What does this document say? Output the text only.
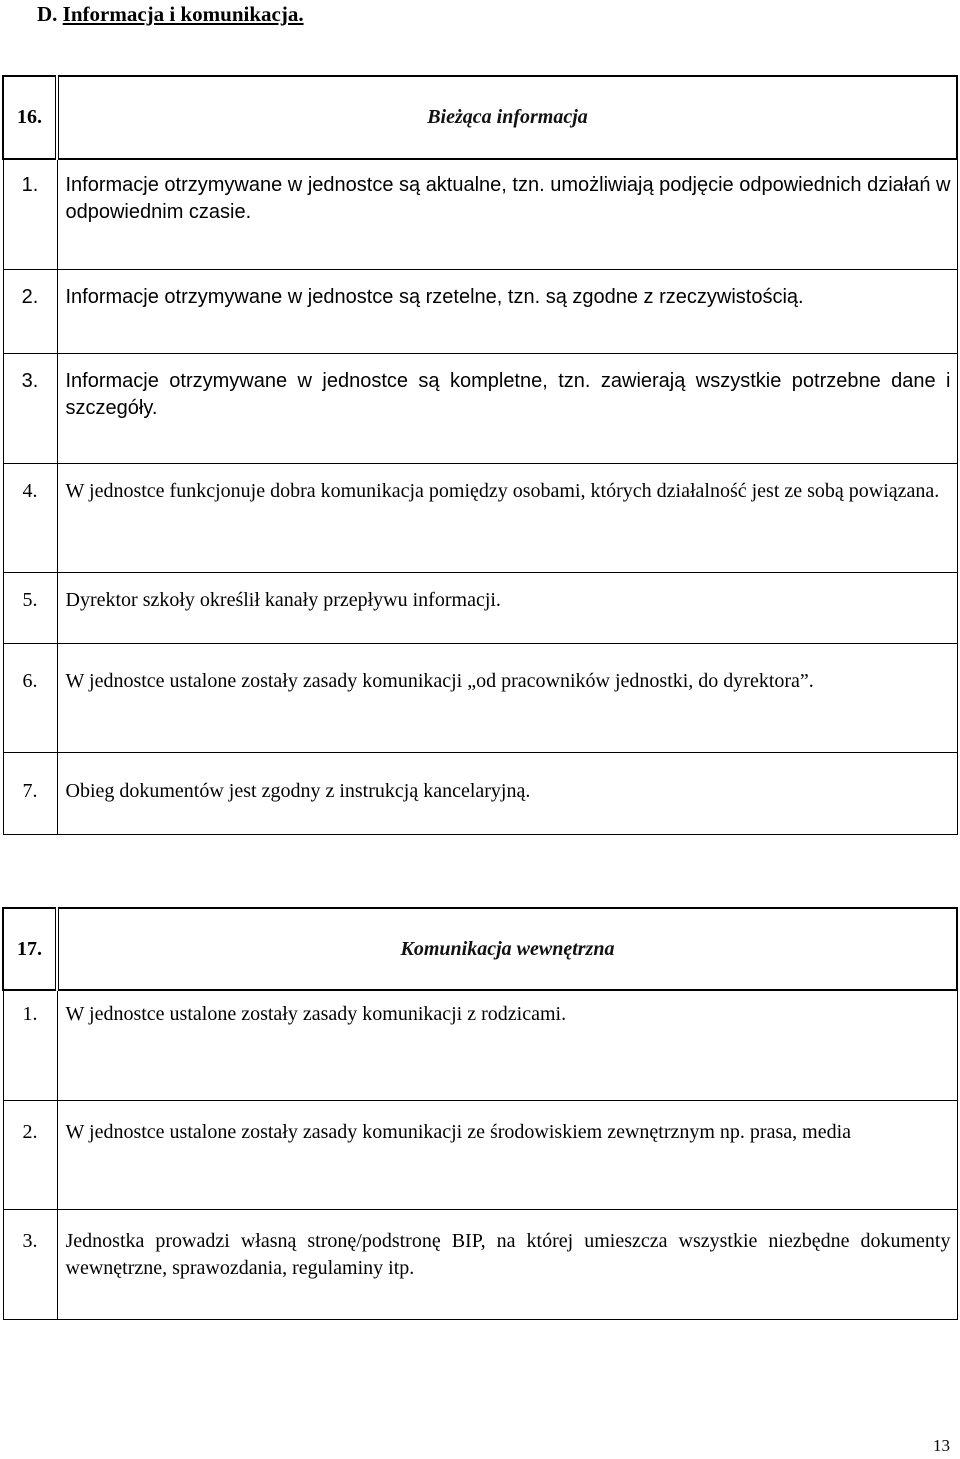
D. Informacja i komunikacja.
16.	Bieżąca informacja
1.	Informacje otrzymywane w jednostce są aktualne, tzn. umożliwiają podjęcie odpowiednich działań w odpowiednim czasie.
2.	Informacje otrzymywane w jednostce są rzetelne, tzn. są zgodne z rzeczywistością.
3.	Informacje otrzymywane w jednostce są kompletne, tzn. zawierają wszystkie potrzebne dane i szczegóły.
4.	W jednostce funkcjonuje dobra komunikacja pomiędzy osobami, których działalność jest ze sobą powiązana.
5.	Dyrektor szkoły określił kanały przepływu informacji.
6.	W jednostce ustalone zostały zasady komunikacji „od pracowników jednostki, do dyrektora”.
7.	Obieg dokumentów jest zgodny z instrukcją kancelaryjną.
17.	Komunikacja wewnętrzna
1.	W jednostce ustalone zostały zasady komunikacji z rodzicami.
2.	W jednostce ustalone zostały zasady komunikacji ze środowiskiem zewnętrznym np. prasa, media
3.	Jednostka prowadzi własną stronę/podstronę BIP, na której umieszcza wszystkie niezbędne dokumenty wewnętrzne, sprawozdania, regulaminy itp.
13
